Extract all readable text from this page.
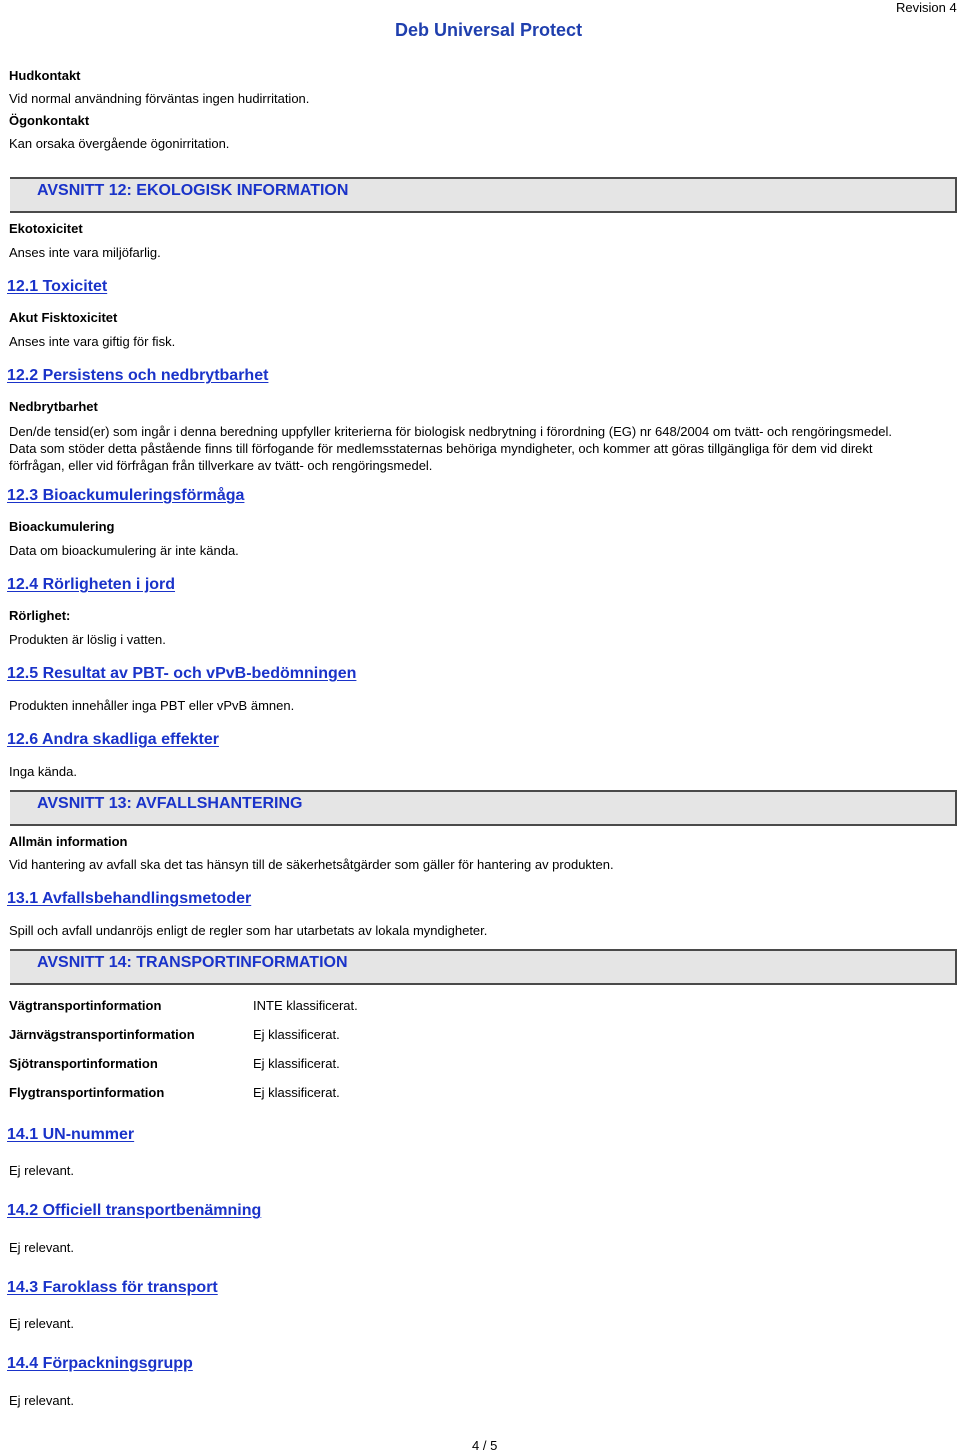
Deb Universal Protect
Revision 4
Hudkontakt
Vid normal användning förväntas ingen hudirritation.
Ögonkontakt
Kan orsaka övergående ögonirritation.
AVSNITT 12: EKOLOGISK INFORMATION
Ekotoxicitet
Anses inte vara miljöfarlig.
12.1 Toxicitet
Akut Fisktoxicitet
Anses inte vara giftig för fisk.
12.2 Persistens och nedbrytbarhet
Nedbrytbarhet
Den/de tensid(er) som ingår i denna beredning uppfyller kriterierna för biologisk nedbrytning i förordning (EG) nr 648/2004 om tvätt- och rengöringsmedel. Data som stöder detta påstående finns till förfogande för medlemsstaternas behöriga myndigheter, och kommer att göras tillgängliga för dem vid direkt förfrågan, eller vid förfrågan från tillverkare av tvätt- och rengöringsmedel.
12.3 Bioackumuleringsförmåga
Bioackumulering
Data om bioackumulering är inte kända.
12.4 Rörligheten i jord
Rörlighet:
Produkten är löslig i vatten.
12.5 Resultat av PBT- och vPvB-bedömningen
Produkten innehåller inga PBT eller vPvB ämnen.
12.6 Andra skadliga effekter
Inga kända.
AVSNITT 13: AVFALLSHANTERING
Allmän information
Vid hantering av avfall ska det tas hänsyn till de säkerhetsåtgärder som gäller för hantering av produkten.
13.1 Avfallsbehandlingsmetoder
Spill och avfall undanröjs enligt de regler som har utarbetats av lokala myndigheter.
AVSNITT 14: TRANSPORTINFORMATION
Vägtransportinformation	INTE klassificerat.
Järnvägstransportinformation	Ej klassificerat.
Sjötransportinformation	Ej klassificerat.
Flygtransportinformation	Ej klassificerat.
14.1 UN-nummer
Ej relevant.
14.2 Officiell transportbenämning
Ej relevant.
14.3 Faroklass för transport
Ej relevant.
14.4 Förpackningsgrupp
Ej relevant.
4 / 5
